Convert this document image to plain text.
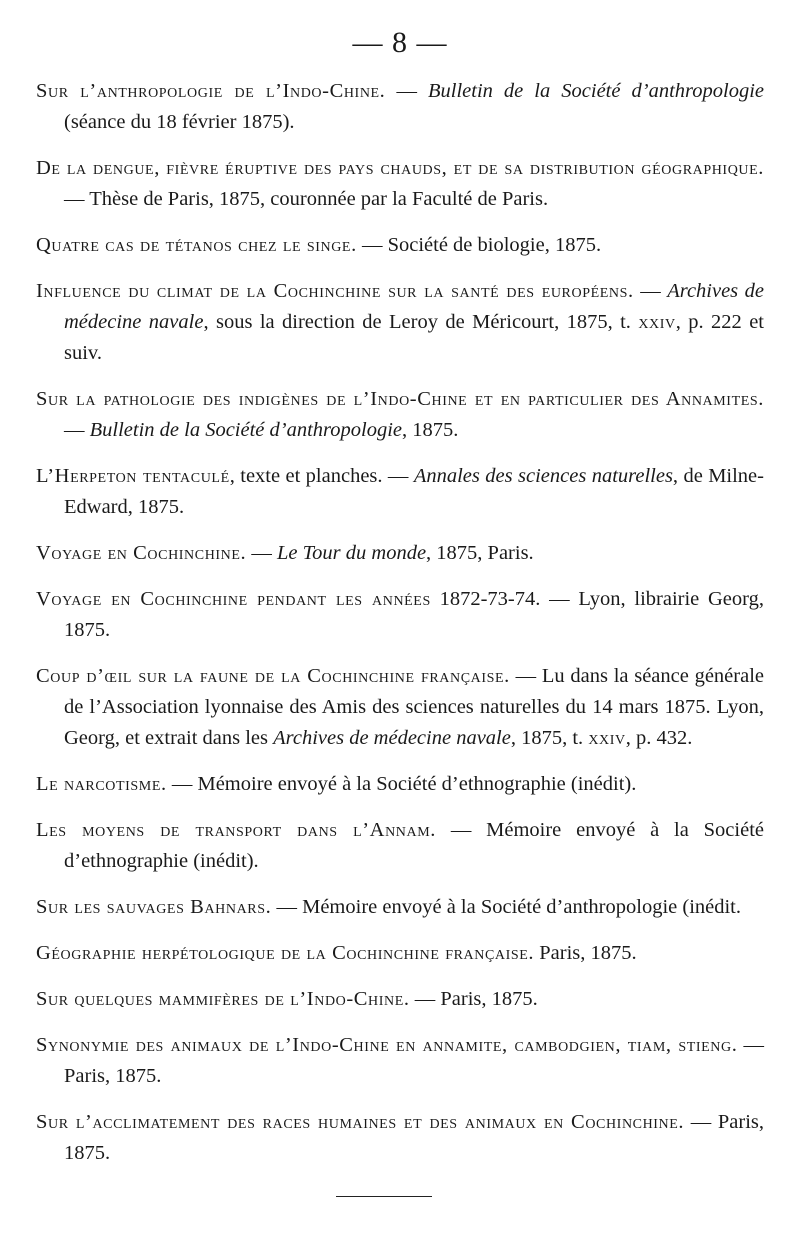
— 8 —
Sur l’anthropologie de l’Indo-Chine. — Bulletin de la Société d’anthropologie (séance du 18 février 1875).
De la dengue, fièvre éruptive des pays chauds, et de sa distribution géographique. — Thèse de Paris, 1875, couronnée par la Faculté de Paris.
Quatre cas de tétanos chez le singe. — Société de biologie, 1875.
Influence du climat de la Cochinchine sur la santé des européens. — Archives de médecine navale, sous la direction de Leroy de Méricourt, 1875, t. xxiv, p. 222 et suiv.
Sur la pathologie des indigènes de l’Indo-Chine et en particulier des Annamites. — Bulletin de la Société d’anthropologie, 1875.
L’Herpeton tentaculé, texte et planches. — Annales des sciences naturelles, de Milne-Edward, 1875.
Voyage en Cochinchine. — Le Tour du monde, 1875, Paris.
Voyage en Cochinchine pendant les années 1872-73-74. — Lyon, librairie Georg, 1875.
Coup d’œil sur la faune de la Cochinchine française. — Lu dans la séance générale de l’Association lyonnaise des Amis des sciences naturelles du 14 mars 1875. Lyon, Georg, et extrait dans les Archives de médecine navale, 1875, t. xxiv, p. 432.
Le narcotisme. — Mémoire envoyé à la Société d’ethnographie (inédit).
Les moyens de transport dans l’Annam. — Mémoire envoyé à la Société d’ethnographie (inédit).
Sur les sauvages Bahnars. — Mémoire envoyé à la Société d’anthropologie (inédit.
Géographie herpétologique de la Cochinchine française. Paris, 1875.
Sur quelques mammifères de l’Indo-Chine. — Paris, 1875.
Synonymie des animaux de l’Indo-Chine en annamite, cambodgien, tiam, stieng. — Paris, 1875.
Sur l’acclimatement des races humaines et des animaux en Cochinchine. — Paris, 1875.
